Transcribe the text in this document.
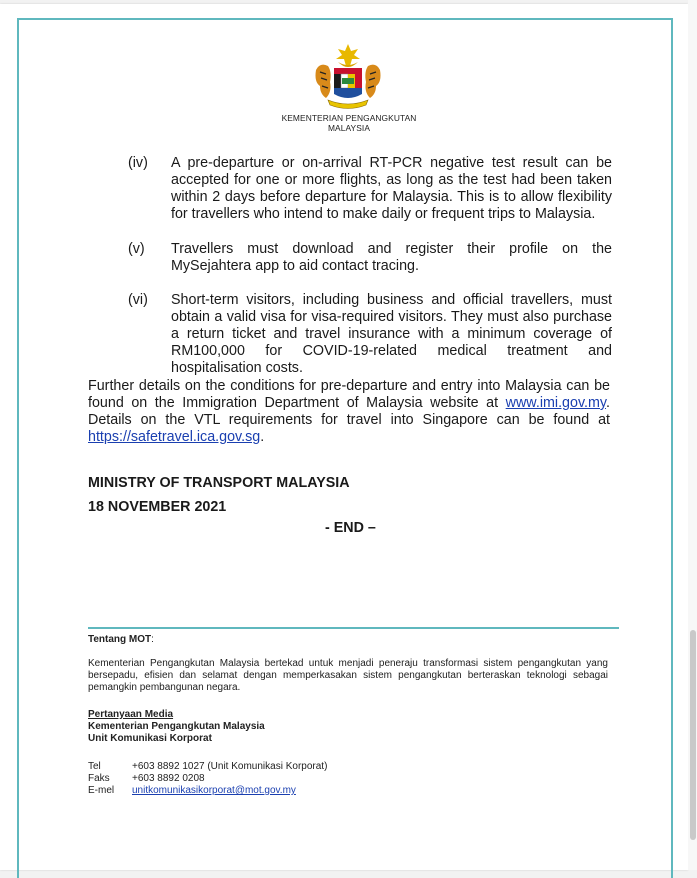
KEMENTERIAN PENGANGKUTAN
MALAYSIA
(iv) A pre-departure or on-arrival RT-PCR negative test result can be accepted for one or more flights, as long as the test had been taken within 2 days before departure for Malaysia. This is to allow flexibility for travellers who intend to make daily or frequent trips to Malaysia.
(v) Travellers must download and register their profile on the MySejahtera app to aid contact tracing.
(vi) Short-term visitors, including business and official travellers, must obtain a valid visa for visa-required visitors. They must also purchase a return ticket and travel insurance with a minimum coverage of RM100,000 for COVID-19-related medical treatment and hospitalisation costs.
Further details on the conditions for pre-departure and entry into Malaysia can be found on the Immigration Department of Malaysia website at www.imi.gov.my. Details on the VTL requirements for travel into Singapore can be found at https://safetravel.ica.gov.sg.
MINISTRY OF TRANSPORT MALAYSIA
18 NOVEMBER 2021
- END –
Tentang MOT:
Kementerian Pengangkutan Malaysia bertekad untuk menjadi peneraju transformasi sistem pengangkutan yang bersepadu, efisien dan selamat dengan memperkasakan sistem pengangkutan berteraskan teknologi sebagai pemangkin pembangunan negara.
Pertanyaan Media
Kementerian Pengangkutan Malaysia
Unit Komunikasi Korporat
Tel	+603 8892 1027 (Unit Komunikasi Korporat)
Faks +603 8892 0208
E-mel unitkomunikasikorporat@mot.gov.my
